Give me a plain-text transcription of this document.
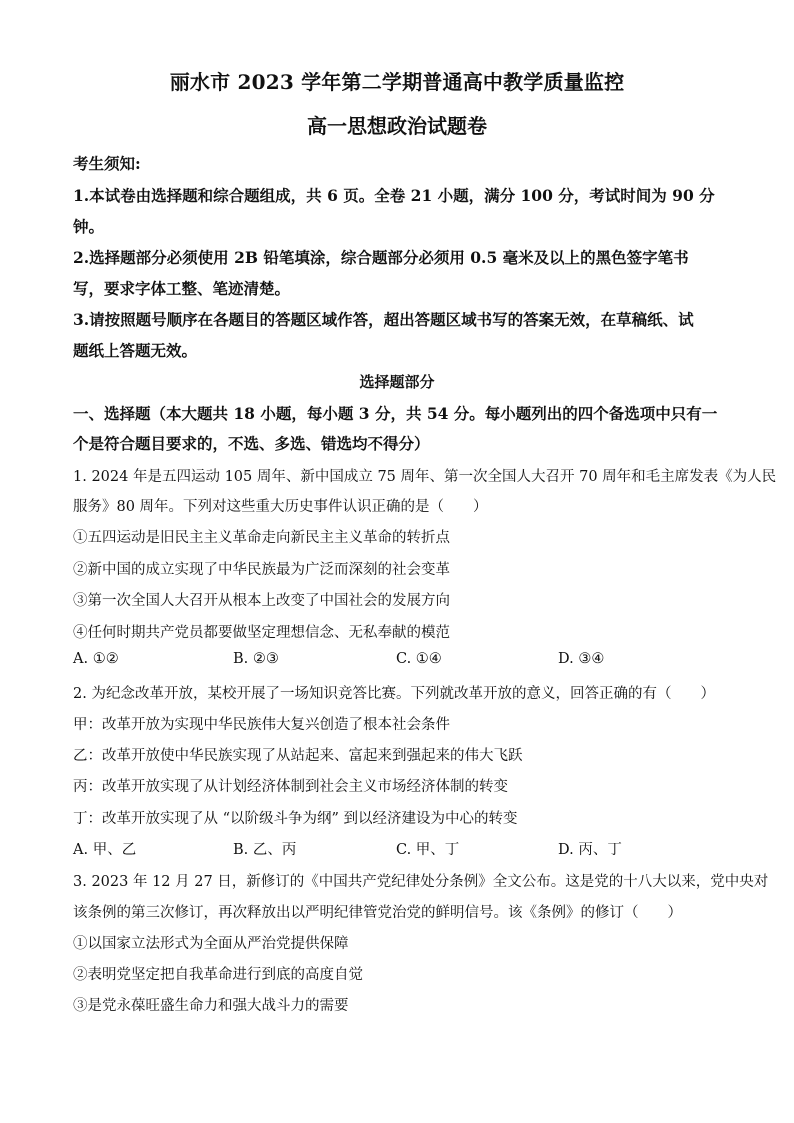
丽水市 2023 学年第二学期普通高中教学质量监控
高一思想政治试题卷
考生须知:
1.本试卷由选择题和综合题组成，共 6 页。全卷 21 小题，满分 100 分，考试时间为 90 分
钟。
2.选择题部分必须使用 2B 铅笔填涂，综合题部分必须用 0.5 毫米及以上的黑色签字笔书
写，要求字体工整、笔迹清楚。
3.请按照题号顺序在各题目的答题区域作答，超出答题区域书写的答案无效，在草稿纸、试
题纸上答题无效。
选择题部分
一、选择题（本大题共 18 小题，每小题 3 分，共 54 分。每小题列出的四个备选项中只有一
个是符合题目要求的，不选、多选、错选均不得分）
1. 2024 年是五四运动 105 周年、新中国成立 75 周年、第一次全国人大召开 70 周年和毛主席发表《为人民
服务》80 周年。下列对这些重大历史事件认识正确的是（　　）
①五四运动是旧民主主义革命走向新民主主义革命的转折点
②新中国的成立实现了中华民族最为广泛而深刻的社会变革
③第一次全国人大召开从根本上改变了中国社会的发展方向
④任何时期共产党员都要做坚定理想信念、无私奉献的模范
A. ①②	B. ②③	C. ①④	D. ③④
2. 为纪念改革开放，某校开展了一场知识竞答比赛。下列就改革开放的意义，回答正确的有（　　）
甲：改革开放为实现中华民族伟大复兴创造了根本社会条件
乙：改革开放使中华民族实现了从站起来、富起来到强起来的伟大飞跃
丙：改革开放实现了从计划经济体制到社会主义市场经济体制的转变
丁：改革开放实现了从 “以阶级斗争为纲” 到以经济建设为中心的转变
A. 甲、乙	B. 乙、丙	C. 甲、丁	D. 丙、丁
3. 2023 年 12 月 27 日，新修订的《中国共产党纪律处分条例》全文公布。这是党的十八大以来，党中央对
该条例的第三次修订，再次释放出以严明纪律管党治党的鲜明信号。该《条例》的修订（　　）
①以国家立法形式为全面从严治党提供保障
②表明党坚定把自我革命进行到底的高度自觉
③是党永葆旺盛生命力和强大战斗力的需要
